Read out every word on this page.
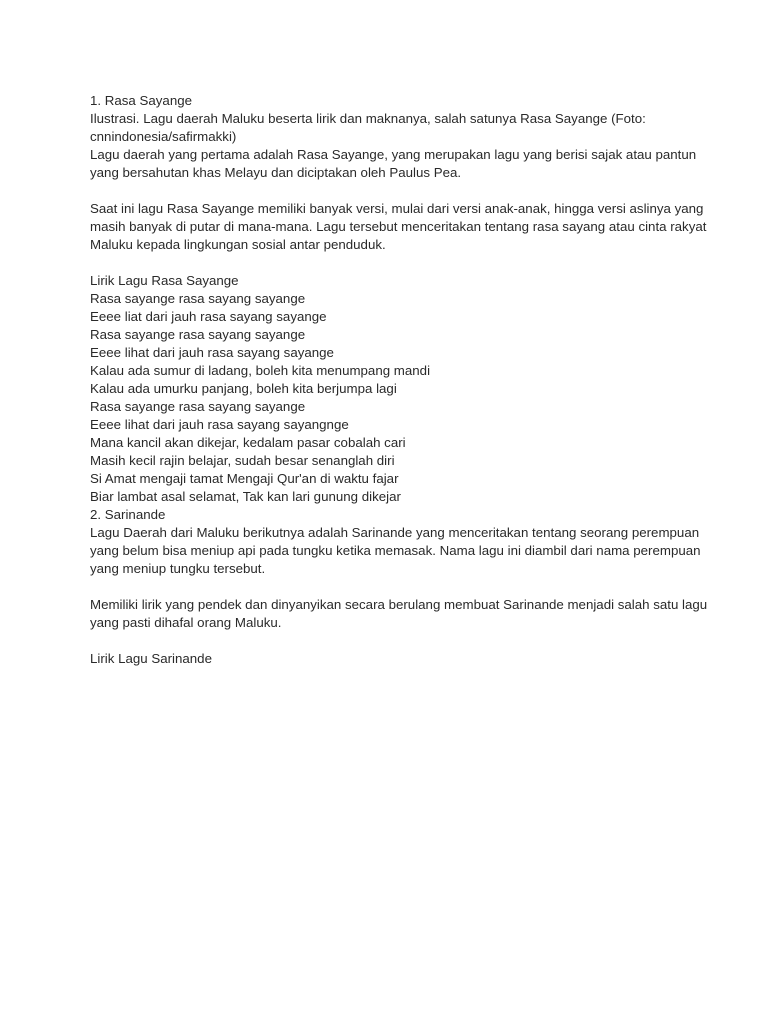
1. Rasa Sayange

Ilustrasi. Lagu daerah Maluku beserta lirik dan maknanya, salah satunya Rasa Sayange (Foto: cnnindonesia/safirmakki)

Lagu daerah yang pertama adalah Rasa Sayange, yang merupakan lagu yang berisi sajak atau pantun yang bersahutan khas Melayu dan diciptakan oleh Paulus Pea.

Saat ini lagu Rasa Sayange memiliki banyak versi, mulai dari versi anak-anak, hingga versi aslinya yang masih banyak di putar di mana-mana. Lagu tersebut menceritakan tentang rasa sayang atau cinta rakyat Maluku kepada lingkungan sosial antar penduduk.

Lirik Lagu Rasa Sayange

Rasa sayange rasa sayang sayange

Eeee liat dari jauh rasa sayang sayange

Rasa sayange rasa sayang sayange

Eeee lihat dari jauh rasa sayang sayange

Kalau ada sumur di ladang, boleh kita menumpang mandi

Kalau ada umurku panjang, boleh kita berjumpa lagi

Rasa sayange rasa sayang sayange

Eeee lihat dari jauh rasa sayang sayangnge

Mana kancil akan dikejar, kedalam pasar cobalah cari

Masih kecil rajin belajar, sudah besar senanglah diri

Si Amat mengaji tamat Mengaji Qur'an di waktu fajar

Biar lambat asal selamat, Tak kan lari gunung dikejar

2. Sarinande

Lagu Daerah dari Maluku berikutnya adalah Sarinande yang menceritakan tentang seorang perempuan yang belum bisa meniup api pada tungku ketika memasak. Nama lagu ini diambil dari nama perempuan yang meniup tungku tersebut.

Memiliki lirik yang pendek dan dinyanyikan secara berulang membuat Sarinande menjadi salah satu lagu yang pasti dihafal orang Maluku.

Lirik Lagu Sarinande
